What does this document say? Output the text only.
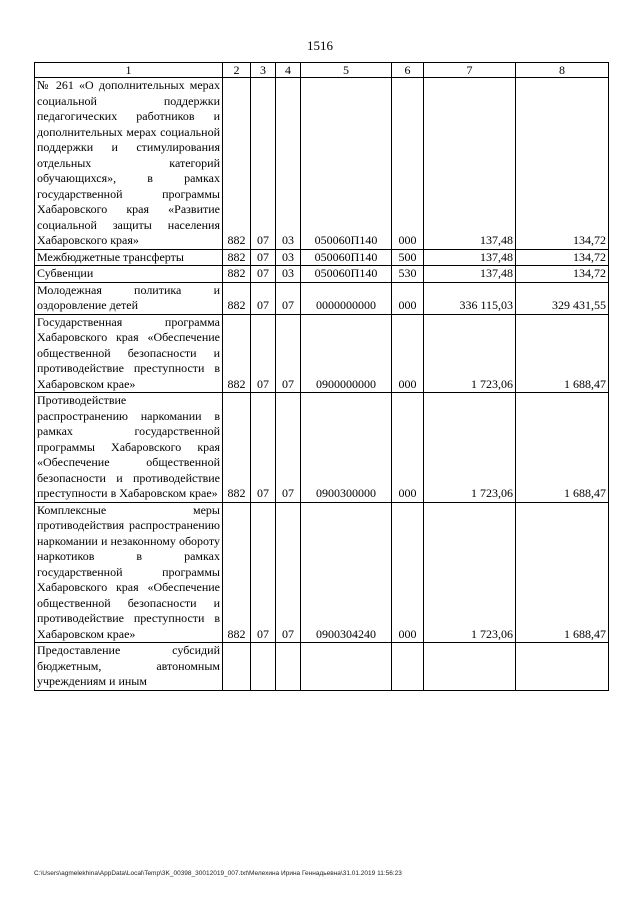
1516
1	2	3	4	5	6	7	8
№ 261 «О дополнительных мерах социальной поддержки педагогических работников и дополнительных мерах социальной поддержки и стимулирования отдельных категорий обучающихся», в рамках государственной программы Хабаровского края «Развитие социальной защиты населения Хабаровского края»	882	07	03	050060П140	000	137,48	134,72
Межбюджетные трансферты	882	07	03	050060П140	500	137,48	134,72
Субвенции	882	07	03	050060П140	530	137,48	134,72
Молодежная политика и оздоровление детей	882	07	07	0000000000	000	336 115,03	329 431,55
Государственная программа Хабаровского края «Обеспечение общественной безопасности и противодействие преступности в Хабаровском крае»	882	07	07	0900000000	000	1 723,06	1 688,47
Противодействие распространению наркомании в рамках государственной программы Хабаровского края «Обеспечение общественной безопасности и противодействие преступности в Хабаровском крае»	882	07	07	0900300000	000	1 723,06	1 688,47
Комплексные меры противодействия распространению наркомании и незаконному обороту наркотиков в рамках государственной программы Хабаровского края «Обеспечение общественной безопасности и противодействие преступности в Хабаровском крае»	882	07	07	0900304240	000	1 723,06	1 688,47
Предоставление субсидий бюджетным, автономным учреждениям и иным							
C:\Users\agmelekhina\AppData\Local\Temp\3K_00398_30012019_007.txt\Мелехина Ирина Геннадьевна\31.01.2019 11:56:23
